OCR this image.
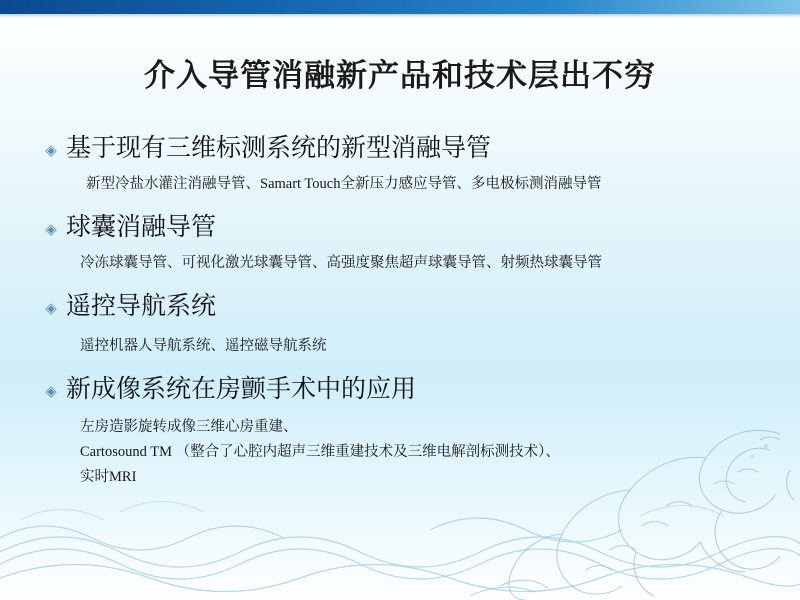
介入导管消融新产品和技术层出不穷
◈ 基于现有三维标测系统的新型消融导管
新型冷盐水灌注消融导管、Samart Touch全新压力感应导管、多电极标测消融导管
◈ 球囊消融导管
冷冻球囊导管、可视化激光球囊导管、高强度聚焦超声球囊导管、射频热球囊导管
◈ 遥控导航系统
遥控机器人导航系统、遥控磁导航系统
◈ 新成像系统在房颤手术中的应用
左房造影旋转成像三维心房重建、
Cartosound TM （整合了心腔内超声三维重建技术及三维电解剖标测技术）、
实时MRI
